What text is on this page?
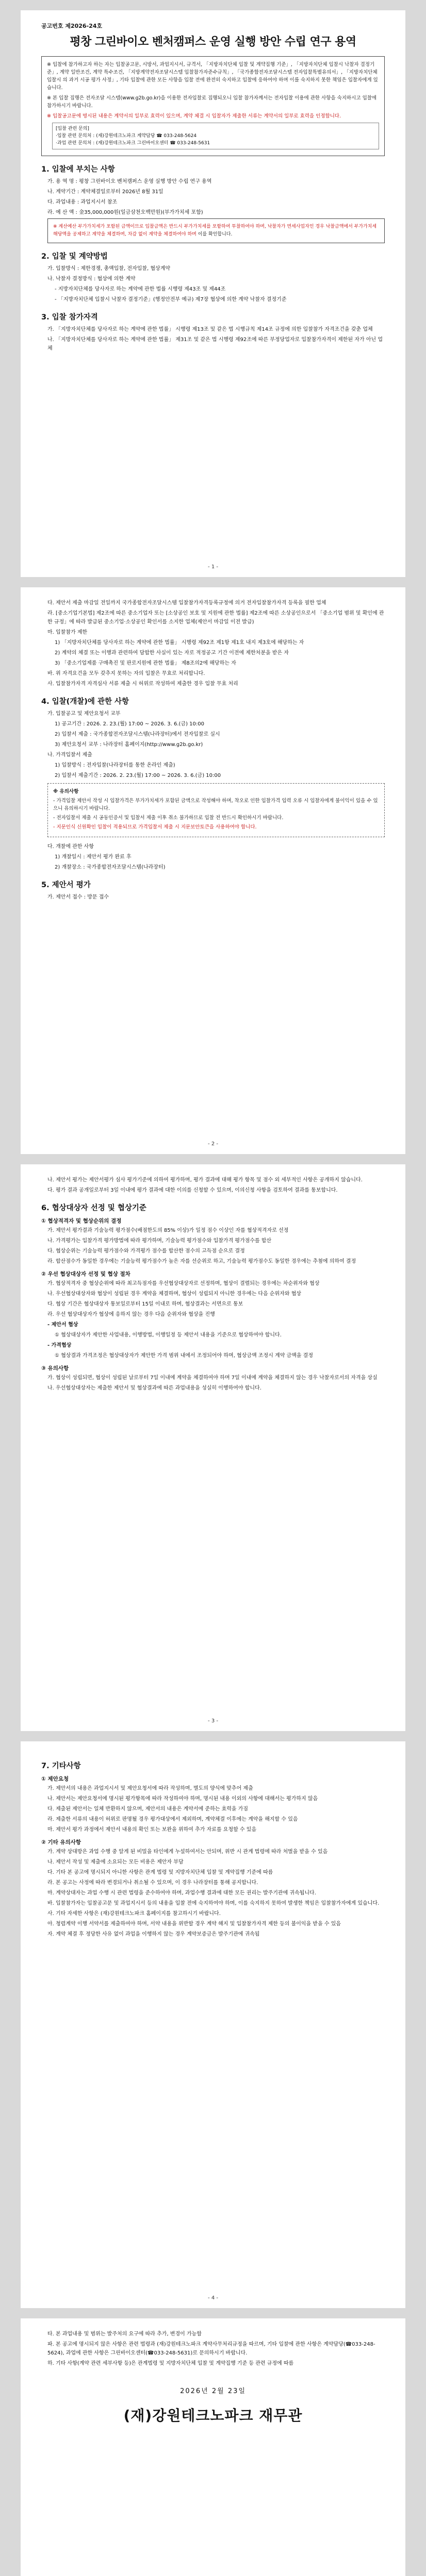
공고번호 제2026-24호
평창 그린바이오 벤처캠퍼스 운영 실행 방안 수립 연구 용역

※ 입찰에 참가하고자 하는 자는 입찰공고문, 시방서, 과업지시서, 규격서, 「지방자치단체 입찰 및 계약집행 기준」, 「지방자치단체 입찰시 낙찰자 결정기준」, 계약 일반조건, 계약 특수조건, 「지방계약전자조달시스템 입찰참가자준수규칙」, 「국가종합전자조달시스템 전자입찰특별유의서」, 「지방자치단체 입찰시 의 과거 시공 평가 사정」, 기타 입찰에 관한 모든 사항을 입찰 전에 완전히 숙지하고 입찰에 응하여야 하며 이를 숙지하지 못한 책임은 입찰자에게 있습니다.

※ 본 입찰 집행은 전자조달 시스템(www.g2b.go.kr)을 이용한 전자입찰로 집행되오니 입찰 참가자께서는 전자입찰 이용에 관한 사항을 숙지하시고 입찰에 참가하시기 바랍니다.

※ 입찰공고문에 명시된 내용은 계약서의 일부로 효력이 있으며, 계약 체결 시 입찰자가 제출한 서류는 계약서의 일부로 효력을 인정합니다.

[입찰 관련 문의]
·입찰 관련 문의처 : (재)강원테크노파크 계약담당 ☎ 033-248-5624
·과업 관련 문의처 : (재)강원테크노파크 그린바이오센터 ☎ 033-248-5631
1. 입찰에 부치는 사항

가. 용 역 명 : 평창 그린바이오 벤처캠퍼스 운영 실행 방안 수립 연구 용역

나. 계약기간 : 계약체결일로부터 2026년 8월 31일

다. 과업내용 : 과업지시서 참조

라. 예 산 액 : 金35,000,000원(일금삼천오백만원)(부가가치세 포함)

※ 계산예산 부가가치세가 포함된 금액이므로 입찰금액은 반드시 부가가치세를 포함하여 투찰하여야 하며, 낙찰자가 면세사업자인 경우 낙찰금액에서 부가가치세 해당액을 공제하고 계약을 체결하며, 차감 없이 계약을 체결하여야 하며 이를 확인합니다.
2. 입찰 및 계약방법

가. 입찰방식 : 제한경쟁, 총액입찰, 전자입찰, 협상계약

나. 낙찰자 결정방식 : 협상에 의한 계약

- 지방자치단체를 당사자로 하는 계약에 관한 법률 시행령 제43조 및 제44조

- 「지방자치단체 입찰시 낙찰자 결정기준」(행정안전부 예규) 제7장 협상에 의한 계약 낙찰자 결정기준

3. 입찰 참가자격

가. 「지방자치단체를 당사자로 하는 계약에 관한 법률」 시행령 제13조 및 같은 법 시행규칙 제14조 규정에 의한 입찰참가 자격조건을 갖춘 업체

나. 「지방자치단체를 당사자로 하는 계약에 관한 법률」 제31조 및 같은 법 시행령 제92조에 따른 부정당업자로 입찰참가자격이 제한된 자가 아닌 업체

- 1 -

다. 제안서 제출 마감일 전일까지 국가종합전자조달시스템 입찰참가자격등록규정에 의거 전자입찰참가자격 등록을 필한 업체

라. [중소기업기본법] 제2조에 따른 중소기업자 또는 [소상공인 보호 및 지원에 관한 법률] 제2조에 따른 소상공인으로서 「중소기업 범위 및 확인에 관한 규정」에 따라 발급된 중소기업·소상공인 확인서를 소지한 업체(제안서 마감일 이전 발급)

마. 입찰참가 제한

1) 「지방자치단체를 당사자로 하는 계약에 관한 법률」 시행령 제92조 제1항 제1호 내지 제3호에 해당하는 자

2) 계약의 체결 또는 이행과 관련하여 담합한 사실이 있는 자로 적정공고 기간 이전에 제한처분을 받은 자

3) 「중소기업제품 구매촉진 및 판로지원에 관한 법률」 제8조의2에 해당하는 자

바. 위 자격요건을 모두 갖추지 못하는 자의 입찰은 무효로 처리합니다.

사. 입찰참가자격 자격심사 서류 제출 시 허위로 작성하여 제출한 경우 입찰 무효 처리

4. 입찰(개찰)에 관한 사항

가. 입찰공고 및 제안요청서 교부

1) 공고기간 : 2026. 2. 23.(월) 17:00 ~ 2026. 3. 6.(금) 10:00

2) 입찰서 제출 : 국가종합전자조달시스템(나라장터)에서 전자입찰로 실시

3) 제안요청서 교부 : 나라장터 홈페이지(http://www.g2b.go.kr)

나. 가격입찰서 제출

1) 입찰방식 : 전자입찰(나라장터를 통한 온라인 제출)

2) 입찰서 제출기간 : 2026. 2. 23.(월) 17:00 ~ 2026. 3. 6.(금) 10:00

※ 유의사항

- 가격입찰 제안서 작성 시 입찰가격은 부가가치세가 포함된 금액으로 작성해야 하며, 착오로 인한 입찰가격 입력 오류 시 입찰자에게 불이익이 있을 수 있으니 유의하시기 바랍니다.

- 전자입찰서 제출 시 공동인증서 및 입찰서 제출 이후 취소 불가하므로 입찰 전 반드시 확인하시기 바랍니다.

- 지문인식 신원확인 입찰이 적용되므로 가격입찰서 제출 시 지문보안토큰을 사용하여야 합니다.

다. 개찰에 관한 사항

1) 개찰일시 : 제안서 평가 완료 후

2) 개찰장소 : 국가종합전자조달시스템(나라장터)

5. 제안서 평가

가. 제안서 접수 : 방문 접수

- 2 -

나. 제안서 평가는 제안서평가 심사 평가기준에 의하여 평가하며, 평가 결과에 대해 평가 항목 및 점수 외 세부적인 사항은 공개하지 않습니다.

다. 평가 결과 공개일로부터 3일 이내에 평가 결과에 대한 이의를 신청할 수 있으며, 이의신청 사항을 검토하여 결과를 통보합니다.

6. 협상대상자 선정 및 협상기준
① 협상적격자 및 협상순위의 결정

가. 제안서 평가결과 기술능력 평가점수(배점한도의 85% 이상)가 일정 점수 이상인 자를 협상적격자로 선정

나. 가격평가는 입찰가격 평가방법에 따라 평가하며, 기술능력 평가점수와 입찰가격 평가점수를 합산

다. 협상순위는 기술능력 평가점수와 가격평가 점수를 합산한 점수의 고득점 순으로 결정

라. 합산점수가 동일한 경우에는 기술능력 평가점수가 높은 자를 선순위로 하고, 기술능력 평가점수도 동일한 경우에는 추첨에 의하여 결정

② 우선 협상대상자 선정 및 협상 절차

가. 협상적격자 중 협상순위에 따라 최고득점자를 우선협상대상자로 선정하며, 협상이 결렬되는 경우에는 차순위자와 협상

나. 우선협상대상자와 협상이 성립된 경우 계약을 체결하며, 협상이 성립되지 아니한 경우에는 다음 순위자와 협상

다. 협상 기간은 협상대상자 통보일로부터 15일 이내로 하며, 협상결과는 서면으로 통보

라. 우선 협상대상자가 협상에 응하지 않는 경우 다음 순위자와 협상을 진행

- 제안서 협상

① 협상대상자가 제안한 사업내용, 이행방법, 이행일정 등 제안서 내용을 기준으로 협상하여야 합니다.

- 가격협상

① 협상결과 가격조정은 협상대상자가 제안한 가격 범위 내에서 조정되어야 하며, 협상금액 조정시 계약 금액을 결정

③ 유의사항

가. 협상이 성립되면, 협상이 성립된 날로부터 7일 이내에 계약을 체결하여야 하며 7일 이내에 계약을 체결하지 않는 경우 낙찰자로서의 자격을 상실

나. 우선협상대상자는 제출한 제안서 및 협상결과에 따른 과업내용을 성실히 이행하여야 합니다.

- 3 -
7. 기타사항
① 제안요청

가. 제안서의 내용은 과업지시서 및 제안요청서에 따라 작성하며, 별도의 양식에 맞추어 제출

나. 제안서는 제안요청서에 명시된 평가항목에 따라 작성하여야 하며, 명시된 내용 이외의 사항에 대해서는 평가하지 않음

다. 제출된 제안서는 일체 반환하지 않으며, 제안서의 내용은 계약서에 준하는 효력을 가짐

라. 제출한 서류의 내용이 허위로 판명될 경우 평가대상에서 제외하며, 계약체결 이후에는 계약을 해지할 수 있음

마. 제안서 평가 과정에서 제안서 내용의 확인 또는 보완을 위하여 추가 자료를 요청할 수 있음

② 기타 유의사항

가. 계약 상대방은 과업 수행 중 알게 된 비밀을 타인에게 누설하여서는 안되며, 위반 시 관계 법령에 따라 처벌을 받을 수 있음

나. 제안서 작성 및 제출에 소요되는 모든 비용은 제안자 부담

다. 기타 본 공고에 명시되지 아니한 사항은 관계 법령 및 지방자치단체 입찰 및 계약집행 기준에 따름

라. 본 공고는 사정에 따라 변경되거나 취소될 수 있으며, 이 경우 나라장터를 통해 공지합니다.

마. 계약상대자는 과업 수행 시 관련 법령을 준수하여야 하며, 과업수행 결과에 대한 모든 권리는 발주기관에 귀속됩니다.

바. 입찰참가자는 입찰공고문 및 과업지시서 등의 내용을 입찰 전에 숙지하여야 하며, 이를 숙지하지 못하여 발생한 책임은 입찰참가자에게 있습니다.

사. 기타 자세한 사항은 (재)강원테크노파크 홈페이지를 참고하시기 바랍니다.

아. 청렴계약 이행 서약서를 제출하여야 하며, 서약 내용을 위반할 경우 계약 해지 및 입찰참가자격 제한 등의 불이익을 받을 수 있음

자. 계약 체결 후 정당한 사유 없이 과업을 이행하지 않는 경우 계약보증금은 발주기관에 귀속됨

- 4 -

타. 본 과업내용 및 범위는 발주처의 요구에 따라 추가, 변경이 가능함

파. 본 공고에 명시되지 않은 사항은 관련 법령과 (재)강원테크노파크 계약사무처리규정을 따르며, 기타 입찰에 관한 사항은 계약담당(☎033-248-5624), 과업에 관한 사항은 그린바이오센터(☎033-248-5631)로 문의하시기 바랍니다.

하. 기타 사항(계약 관련 세부사항 등)은 관계법령 및 지방자치단체 입찰 및 계약집행 기준 등 관련 규정에 따름

2026년 2월 23일
(재)강원테크노파크 재무관
